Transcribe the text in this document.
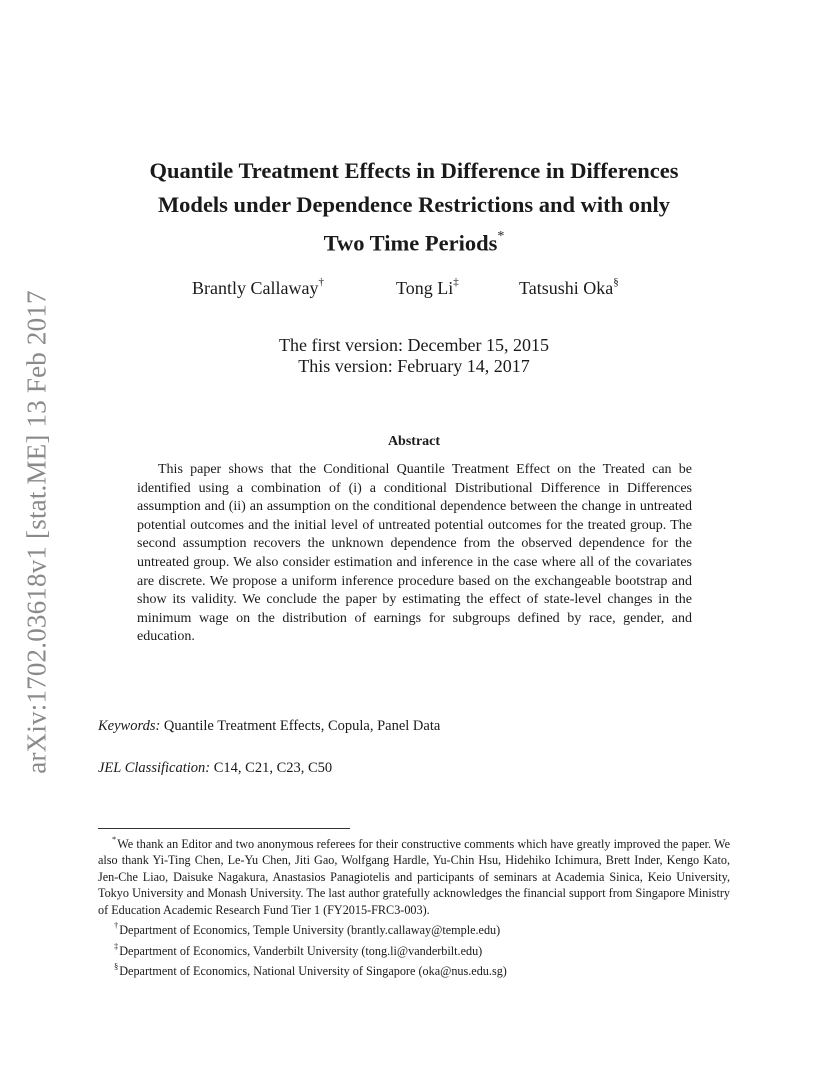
arXiv:1702.03618v1 [stat.ME] 13 Feb 2017
Quantile Treatment Effects in Difference in Differences
Models under Dependence Restrictions and with only
Two Time Periods*
Brantly Callaway†	Tong Li‡	Tatsushi Oka§
The first version: December 15, 2015
This version: February 14, 2017
Abstract

This paper shows that the Conditional Quantile Treatment Effect on the Treated can be identified using a combination of (i) a conditional Distributional Difference in Differences assumption and (ii) an assumption on the conditional dependence between the change in untreated potential outcomes and the initial level of untreated potential outcomes for the treated group. The second assumption recovers the unknown dependence from the observed dependence for the untreated group. We also consider estimation and inference in the case where all of the covariates are discrete. We propose a uniform inference procedure based on the exchangeable bootstrap and show its validity. We conclude the paper by estimating the effect of state-level changes in the minimum wage on the distribution of earnings for subgroups defined by race, gender, and education.

Keywords: Quantile Treatment Effects, Copula, Panel Data
JEL Classification: C14, C21, C23, C50

*We thank an Editor and two anonymous referees for their constructive comments which have greatly improved the paper. We also thank Yi-Ting Chen, Le-Yu Chen, Jiti Gao, Wolfgang Hardle, Yu-Chin Hsu, Hidehiko Ichimura, Brett Inder, Kengo Kato, Jen-Che Liao, Daisuke Nagakura, Anastasios Panagiotelis and participants of seminars at Academia Sinica, Keio University, Tokyo University and Monash University. The last author gratefully acknowledges the financial support from Singapore Ministry of Education Academic Research Fund Tier 1 (FY2015-FRC3-003).

†Department of Economics, Temple University (brantly.callaway@temple.edu)

‡Department of Economics, Vanderbilt University (tong.li@vanderbilt.edu)

§Department of Economics, National University of Singapore (oka@nus.edu.sg)
